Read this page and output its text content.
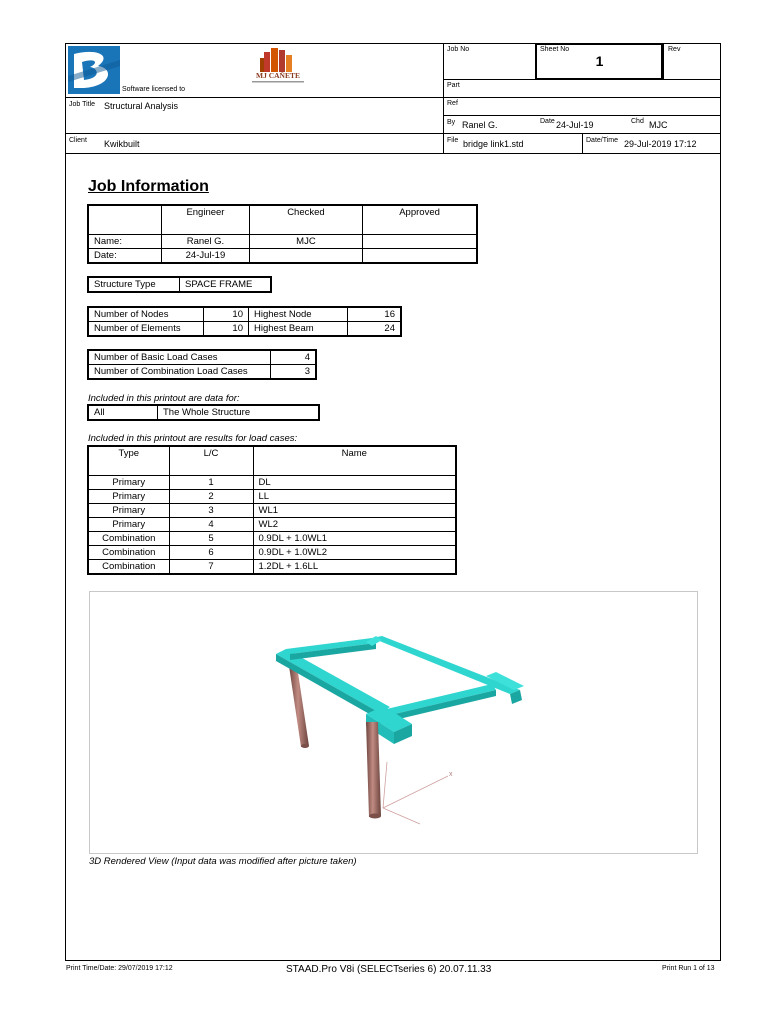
Software licensed to
MJ CAÑETE
Job No	Sheet No
1
Rev
Part
Ref
Job Title Structural Analysis
By Ranel G.	Date 24-Jul-19	Chd MJC
Client Kwikbuilt	File bridge link1.std	Date/Time 29-Jul-2019 17:12
Job Information
	Engineer	Checked	Approved
Name:	Ranel G.	MJC	
Date:	24-Jul-19		
Structure Type	SPACE FRAME
Number of Nodes	10	Highest Node	16
Number of Elements	10	Highest Beam	24
Number of Basic Load Cases	4
Number of Combination Load Cases	3
Included in this printout are data for:
All	The Whole Structure
Included in this printout are results for load cases:
Type	L/C	Name
Primary	1	DL
Primary	2	LL
Primary	3	WL1
Primary	4	WL2
Combination	5	0.9DL + 1.0WL1
Combination	6	0.9DL + 1.0WL2
Combination	7	1.2DL + 1.6LL
x
3D Rendered View (Input data was modified after picture taken)
Print Time/Date: 29/07/2019 17:12	STAAD.Pro V8i (SELECTseries 6) 20.07.11.33	Print Run 1 of 13
